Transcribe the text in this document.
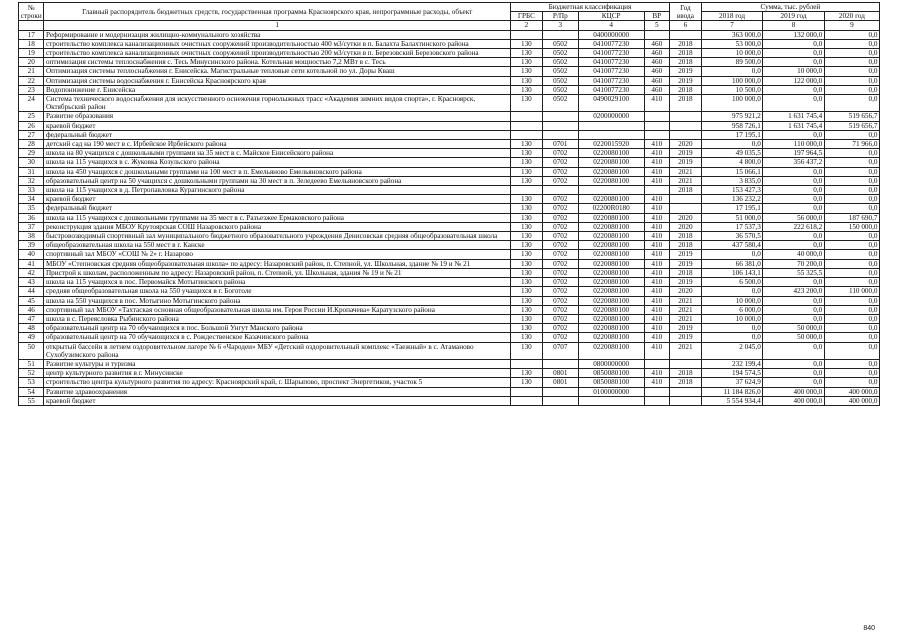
№ строки	Главный распорядитель бюджетных средств, государственная программа Красноярского края, непрограммные расходы, объект	Бюджетная классификация				Год ввода	Сумма, тыс. рублей		
		ГРБС	Р/Пр	КЦСР	ВР		2018 год	2019 год	2020 год
	1	2	3	4	5	6	7	8	9
17	Реформирование и модернизация жилищно-коммунального хозяйства			0400000000			363 000,0	132 000,0	0,0
18	строительство комплекса канализационных очистных сооружений производительностью 400 м3/сутки в п. Балахта Балахтинского района	130	0502	0410077230	460	2018	53 000,0	0,0	0,0
19	строительство комплекса канализационных очистных сооружений производительностью 200 м3/сутки в п. Березовский Березовского района	130	0502	0410077230	460	2018	10 000,0	0,0	0,0
20	оптимизация системы теплоснабжения с. Тесь Минусинского района. Котельная мощностью 7,2 МВт в с. Тесь	130	0502	0410077230	460	2018	89 500,0	0,0	0,0
21	Оптимизация системы теплоснабжения г. Енисейска. Магистральные тепловые сети котельной по ул. Доры Кваш	130	0502	0410077230	460	2019	0,0	10 000,0	0,0
22	Оптимизация системы водоснабжения г. Енисейска Красноярского края	130	0502	0410077230	460	2019	100 000,0	122 000,0	0,0
23	Водопонижение г. Енисейска	130	0502	0410077230	460	2018	10 500,0	0,0	0,0
24	Система технического водоснабжения для искусственного оснежения горнолыжных трасс «Академия зимних видов спорта», г. Красноярск, Октябрьский район	130	0502	0490029100	410	2018	100 000,0	0,0	0,0
25	Развитие образования			0200000000			975 921,2	1 631 745,4	519 656,7
26	краевой бюджет						958 726,1	1 631 745,4	519 656,7
27	федеральный бюджет						17 195,1	0,0	0,0
28	детский сад на 190 мест в с. Ирбейское Ирбейского района	130	0701	0220015920	410	2020	0,0	110 000,0	71 966,0
29	школа на 80 учащихся с дошкольными группами на 35 мест в с. Майское Енисейского района	130	0702	0220080100	410	2019	49 035,5	197 964,5	0,0
30	школа на 115 учащихся в с. Жуковка Козульского района	130	0702	0220080100	410	2019	4 800,0	356 437,2	0,0
31	школа на 450 учащихся с дошкольными группами на 100 мест в п. Емельяново Емельяновского района	130	0702	0220080100	410	2021	15 066,1	0,0	0,0
32	образовательный центр на 50 учащихся с дошкольными группами на 30 мест в п. Зеледеево Емельяновского района	130	0702	0220080100	410	2021	3 835,0	0,0	0,0
33	школа на 115 учащихся в д. Петропавловка Курагинского района					2018	153 427,3	0,0	0,0
34	краевой бюджет	130	0702	0220080100	410		136 232,2	0,0	0,0
35	федеральный бюджет	130	0702	02200R0180	410		17 195,1	0,0	0,0
36	школа на 115 учащихся с дошкольными группами на 35 мест в с. Разъезжее Ермаковского района	130	0702	0220080100	410	2020	51 000,0	56 000,0	187 690,7
37	реконструкция здания МБОУ Крутоярская СОШ Назаровского района	130	0702	0220080100	410	2020	17 537,3	222 618,2	150 000,0
38	быстровозводимый спортивный зал муниципального бюджетного образовательного учреждения Денисовская средняя общеобразовательная школа	130	0702	0220080100	410	2018	36 570,5	0,0	0,0
39	общеобразовательная школа на 550 мест в г. Канске	130	0702	0220080100	410	2018	437 580,4	0,0	0,0
40	спортивный зал МБОУ «СОШ № 2» г. Назарово	130	0702	0220080100	410	2019	0,0	40 000,0	0,0
41	МБОУ «Степновская средняя общеобразовательная школа» по адресу: Назаровский район, п. Степной, ул. Школьная, здание № 19 и № 21	130	0702	0220080100	410	2019	66 381,0	70 200,0	0,0
42	Пристрой к школам, расположенным по адресу: Назаровский район, п. Степной, ул. Школьная, здания № 19 и № 21	130	0702	0220080100	410	2018	106 143,1	55 325,5	0,0
43	школа на 115 учащихся в пос. Первомайск Мотыгинского района	130	0702	0220080100	410	2019	6 500,0	0,0	0,0
44	средняя общеобразовательная школа на 550 учащихся в г. Боготоле	130	0702	0220080100	410	2020	0,0	423 200,0	110 000,0
45	школа на 550 учащихся в пос. Мотыгино Мотыгинского района	130	0702	0220080100	410	2021	10 000,0	0,0	0,0
46	спортивный зал МБОУ «Тахтаская основная общеобразовательная школа им. Героя России И.Кропачева» Каратузского района	130	0702	0220080100	410	2021	6 000,0	0,0	0,0
47	школа в с. Переясловка Рыбинского района	130	0702	0220080100	410	2021	10 000,0	0,0	0,0
48	образовательный центр на 70 обучающихся в пос. Большой Унгут Манского района	130	0702	0220080100	410	2019	0,0	50 000,0	0,0
49	образовательный центр на 70 обучающихся в с. Рождественское Казачинского района	130	0702	0220080100	410	2019	0,0	50 000,0	0,0
50	открытый бассейн в летнем оздоровительном лагере № 6 «Чародеи» МБУ «Детский оздоровительный комплекс «Таежный» в с. Атаманово Сухобузимского района	130	0707	0220080100	410	2021	2 045,0	0,0	0,0
51	Развитие культуры и туризма			0800000000			232 199,4	0,0	0,0
52	центр культурного развития в г. Минусинске	130	0801	0850080100	410	2018	194 574,5	0,0	0,0
53	строительство центра культурного развития по адресу: Красноярский край, г. Шарыпово, проспект Энергетиков, участок 5	130	0801	0850080100	410	2018	37 624,9	0,0	0,0
54	Развитие здравоохранения			0100000000			11 184 826,0	400 000,0	400 000,0
55	краевой бюджет						5 554 934,4	400 000,0	400 000,0
840
